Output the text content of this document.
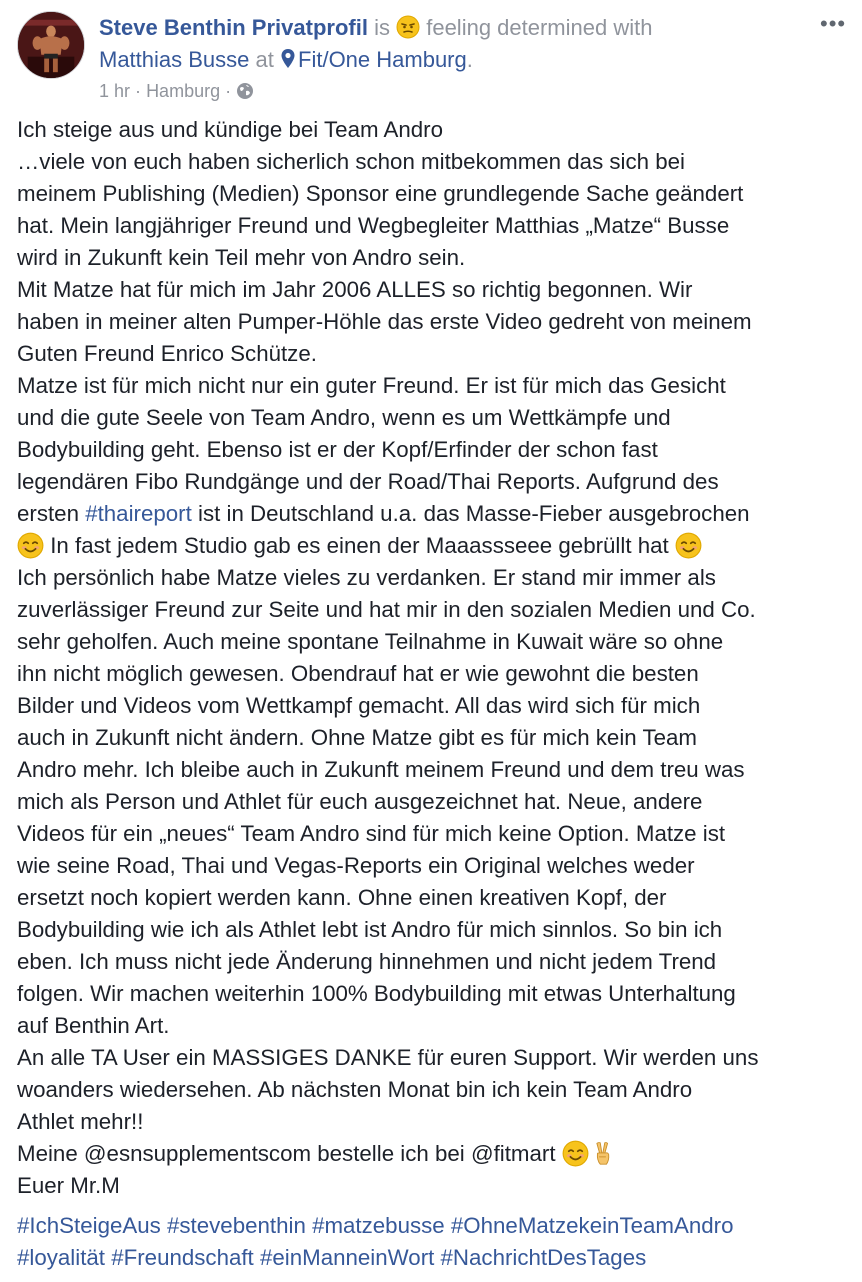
Steve Benthin Privatprofil is feeling determined with
Matthias Busse at Fit/One Hamburg.
1 hr · Hamburg ·
•••

Ich steige aus und kündige bei Team Andro

…viele von euch haben sicherlich schon mitbekommen das sich bei

meinem Publishing (Medien) Sponsor eine grundlegende Sache geändert

hat. Mein langjähriger Freund und Wegbegleiter Matthias „Matze“ Busse

wird in Zukunft kein Teil mehr von Andro sein.

Mit Matze hat für mich im Jahr 2006 ALLES so richtig begonnen. Wir

haben in meiner alten Pumper-Höhle das erste Video gedreht von meinem

Guten Freund Enrico Schütze.

Matze ist für mich nicht nur ein guter Freund. Er ist für mich das Gesicht

und die gute Seele von Team Andro, wenn es um Wettkämpfe und

Bodybuilding geht. Ebenso ist er der Kopf/Erfinder der schon fast

legendären Fibo Rundgänge und der Road/Thai Reports. Aufgrund des

ersten #thaireport ist in Deutschland u.a. das Masse-Fieber ausgebrochen

In fast jedem Studio gab es einen der Maaassseee gebrüllt hat

Ich persönlich habe Matze vieles zu verdanken. Er stand mir immer als

zuverlässiger Freund zur Seite und hat mir in den sozialen Medien und Co.

sehr geholfen. Auch meine spontane Teilnahme in Kuwait wäre so ohne

ihn nicht möglich gewesen. Obendrauf hat er wie gewohnt die besten

Bilder und Videos vom Wettkampf gemacht. All das wird sich für mich

auch in Zukunft nicht ändern. Ohne Matze gibt es für mich kein Team

Andro mehr. Ich bleibe auch in Zukunft meinem Freund und dem treu was

mich als Person und Athlet für euch ausgezeichnet hat. Neue, andere

Videos für ein „neues“ Team Andro sind für mich keine Option. Matze ist

wie seine Road, Thai und Vegas-Reports ein Original welches weder

ersetzt noch kopiert werden kann. Ohne einen kreativen Kopf, der

Bodybuilding wie ich als Athlet lebt ist Andro für mich sinnlos. So bin ich

eben. Ich muss nicht jede Änderung hinnehmen und nicht jedem Trend

folgen. Wir machen weiterhin 100% Bodybuilding mit etwas Unterhaltung

auf Benthin Art.

An alle TA User ein MASSIGES DANKE für euren Support. Wir werden uns

woanders wiedersehen. Ab nächsten Monat bin ich kein Team Andro

Athlet mehr!!

Meine @esnsupplementscom bestelle ich bei @fitmart

Euer Mr.M

#IchSteigeAus #stevebenthin #matzebusse #OhneMatzekeinTeamAndro

#loyalität #Freundschaft #einManneinWort #NachrichtDesTages
